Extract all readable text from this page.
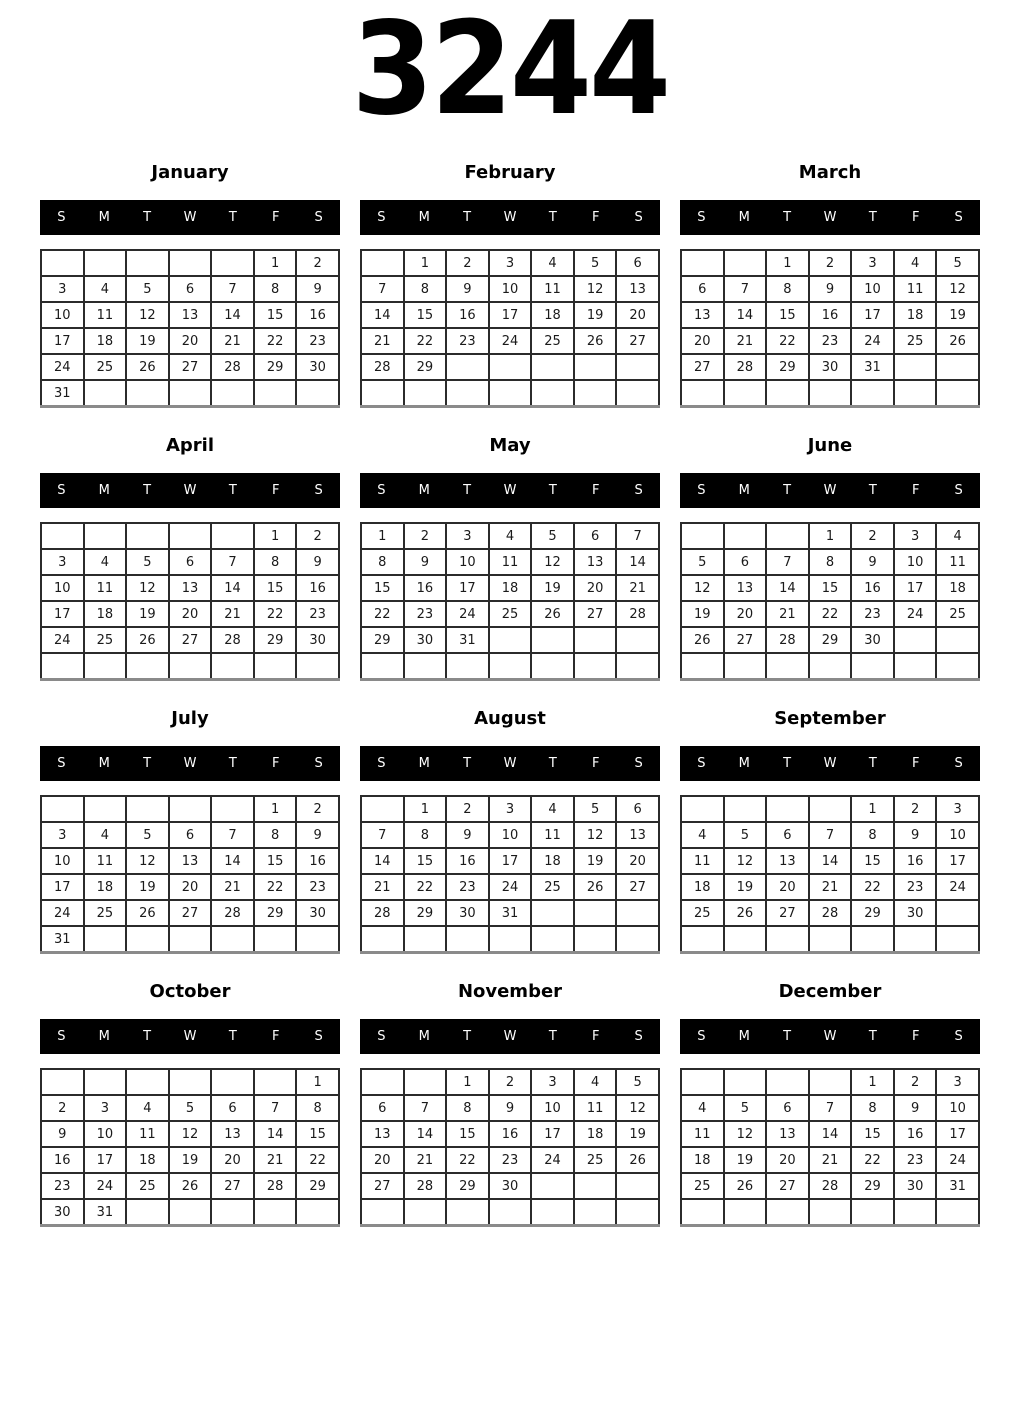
3244
January
S	M	T	W	T	F	S
					1	2
3	4	5	6	7	8	9
10	11	12	13	14	15	16
17	18	19	20	21	22	23
24	25	26	27	28	29	30
31						
February
S	M	T	W	T	F	S
	1	2	3	4	5	6
7	8	9	10	11	12	13
14	15	16	17	18	19	20
21	22	23	24	25	26	27
28	29					

March
S	M	T	W	T	F	S
		1	2	3	4	5
6	7	8	9	10	11	12
13	14	15	16	17	18	19
20	21	22	23	24	25	26
27	28	29	30	31		

April
S	M	T	W	T	F	S
					1	2
3	4	5	6	7	8	9
10	11	12	13	14	15	16
17	18	19	20	21	22	23
24	25	26	27	28	29	30

May
S	M	T	W	T	F	S
1	2	3	4	5	6	7
8	9	10	11	12	13	14
15	16	17	18	19	20	21
22	23	24	25	26	27	28
29	30	31				

June
S	M	T	W	T	F	S
			1	2	3	4
5	6	7	8	9	10	11
12	13	14	15	16	17	18
19	20	21	22	23	24	25
26	27	28	29	30		

July
S	M	T	W	T	F	S
					1	2
3	4	5	6	7	8	9
10	11	12	13	14	15	16
17	18	19	20	21	22	23
24	25	26	27	28	29	30
31						
August
S	M	T	W	T	F	S
	1	2	3	4	5	6
7	8	9	10	11	12	13
14	15	16	17	18	19	20
21	22	23	24	25	26	27
28	29	30	31			

September
S	M	T	W	T	F	S
				1	2	3
4	5	6	7	8	9	10
11	12	13	14	15	16	17
18	19	20	21	22	23	24
25	26	27	28	29	30	

October
S	M	T	W	T	F	S
						1
2	3	4	5	6	7	8
9	10	11	12	13	14	15
16	17	18	19	20	21	22
23	24	25	26	27	28	29
30	31					
November
S	M	T	W	T	F	S
		1	2	3	4	5
6	7	8	9	10	11	12
13	14	15	16	17	18	19
20	21	22	23	24	25	26
27	28	29	30			

December
S	M	T	W	T	F	S
				1	2	3
4	5	6	7	8	9	10
11	12	13	14	15	16	17
18	19	20	21	22	23	24
25	26	27	28	29	30	31
